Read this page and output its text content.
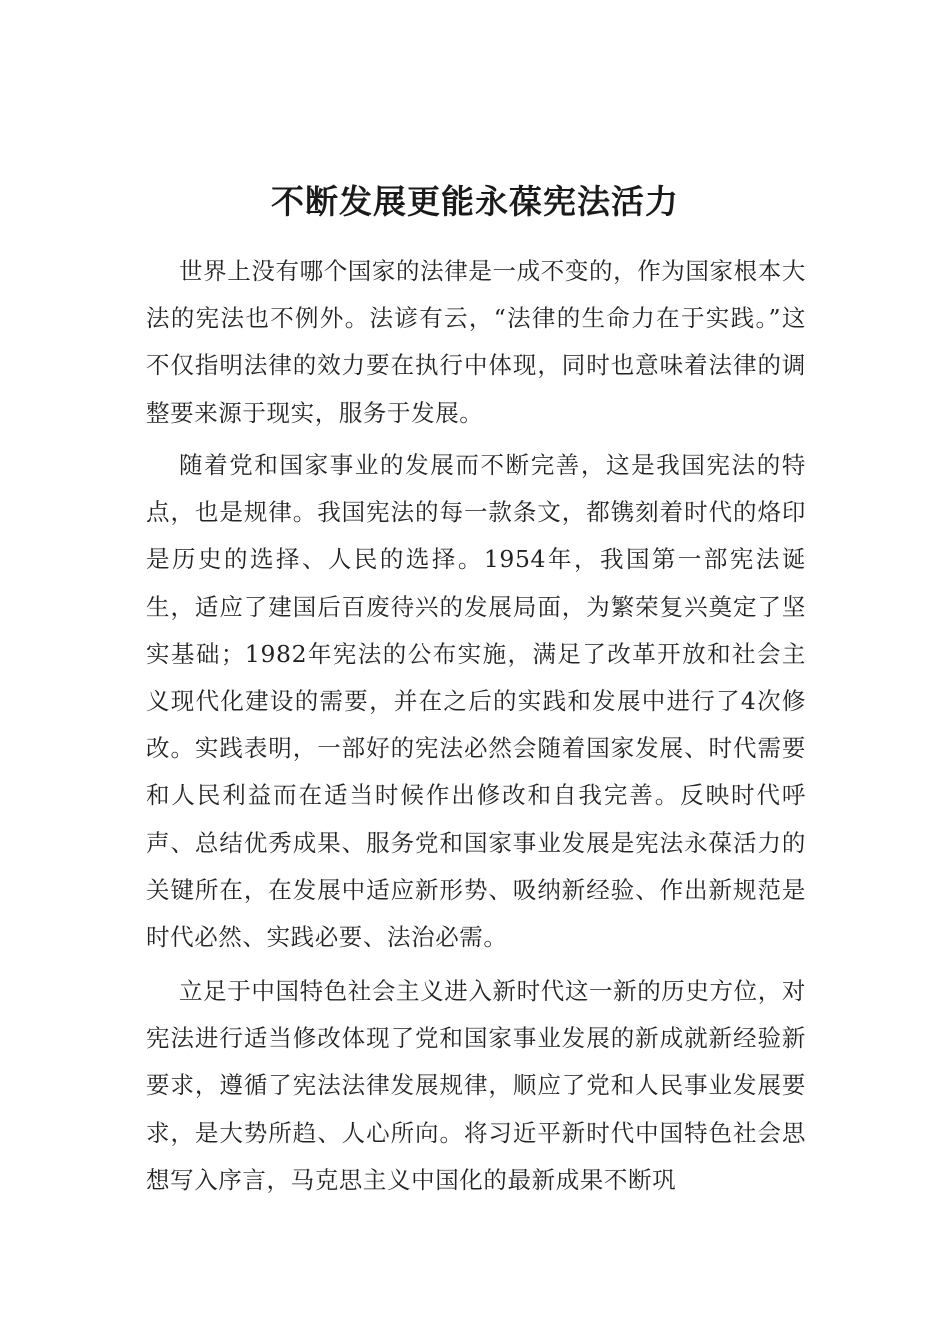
不断发展更能永葆宪法活力

世界上没有哪个国家的法律是一成不变的，作为国家根本大法的宪法也不例外。法谚有云，“法律的生命力在于实践。”这不仅指明法律的效力要在执行中体现，同时也意味着法律的调整要来源于现实，服务于发展。

随着党和国家事业的发展而不断完善，这是我国宪法的特点，也是规律。我国宪法的每一款条文，都镌刻着时代的烙印是历史的选择、人民的选择。1954年，我国第一部宪法诞生，适应了建国后百废待兴的发展局面，为繁荣复兴奠定了坚实基础；1982年宪法的公布实施，满足了改革开放和社会主义现代化建设的需要，并在之后的实践和发展中进行了4次修改。实践表明，一部好的宪法必然会随着国家发展、时代需要和人民利益而在适当时候作出修改和自我完善。反映时代呼声、总结优秀成果、服务党和国家事业发展是宪法永葆活力的关键所在，在发展中适应新形势、吸纳新经验、作出新规范是时代必然、实践必要、法治必需。

立足于中国特色社会主义进入新时代这一新的历史方位，对宪法进行适当修改体现了党和国家事业发展的新成就新经验新要求，遵循了宪法法律发展规律，顺应了党和人民事业发展要求，是大势所趋、人心所向。将习近平新时代中国特色社会思想写入序言，马克思主义中国化的最新成果不断巩
